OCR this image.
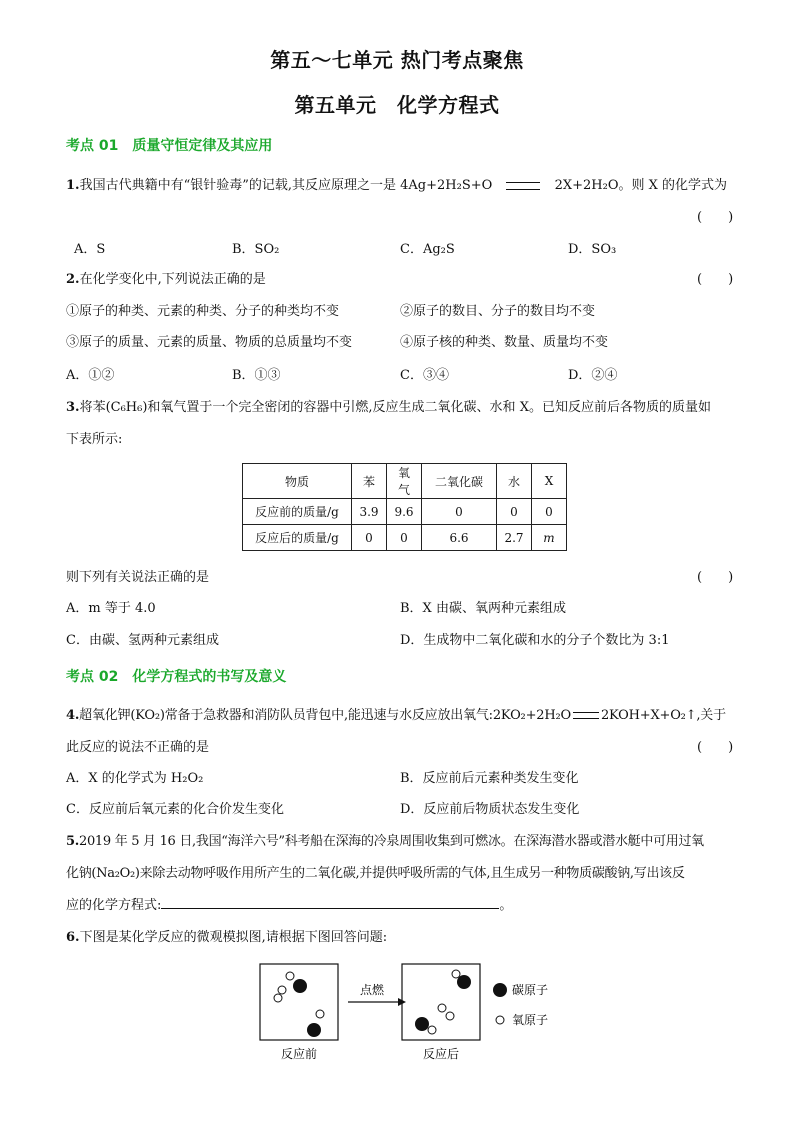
第五～七单元 热门考点聚焦
第五单元　化学方程式
考点 01　质量守恒定律及其应用
1.我国古代典籍中有“银针验毒”的记载,其反应原理之一是 4Ag+2H₂S+O	2X+2H₂O。则 X 的化学式为
(　　)
A．S	B．SO₂	C．Ag₂S	D．SO₃
2.在化学变化中,下列说法正确的是	(　　)
①原子的种类、元素的种类、分子的种类均不变	②原子的数目、分子的数目均不变
③原子的质量、元素的质量、物质的总质量均不变	④原子核的种类、数量、质量均不变
A．①②	B．①③	C．③④	D．②④
3.将苯(C₆H₆)和氧气置于一个完全密闭的容器中引燃,反应生成二氧化碳、水和 X。已知反应前后各物质的质量如
下表所示:
物质	苯	氧气	二氧化碳	水	X
反应前的质量/g	3.9	9.6	0	0	0
反应后的质量/g	0	0	6.6	2.7	m
则下列有关说法正确的是	(　　)
A．m 等于 4.0	B．X 由碳、氧两种元素组成
C．由碳、氢两种元素组成	D．生成物中二氧化碳和水的分子个数比为 3:1
考点 02　化学方程式的书写及意义
4.超氧化钾(KO₂)常备于急救器和消防队员背包中,能迅速与水反应放出氧气:2KO₂+2H₂O 2KOH+X+O₂↑,关于
此反应的说法不正确的是	(　　)
A．X 的化学式为 H₂O₂	B．反应前后元素种类发生变化
C．反应前后氧元素的化合价发生变化	D．反应前后物质状态发生变化
5.2019 年 5 月 16 日,我国“海洋六号”科考船在深海的冷泉周围收集到可燃冰。在深海潜水器或潜水艇中可用过氧
化钠(Na₂O₂)来除去动物呼吸作用所产生的二氧化碳,并提供呼吸所需的气体,且生成另一种物质碳酸钠,写出该反
应的化学方程式:	。
6.下图是某化学反应的微观模拟图,请根据下图回答问题:
点燃	碳原子
氧原子
反应前	反应后
